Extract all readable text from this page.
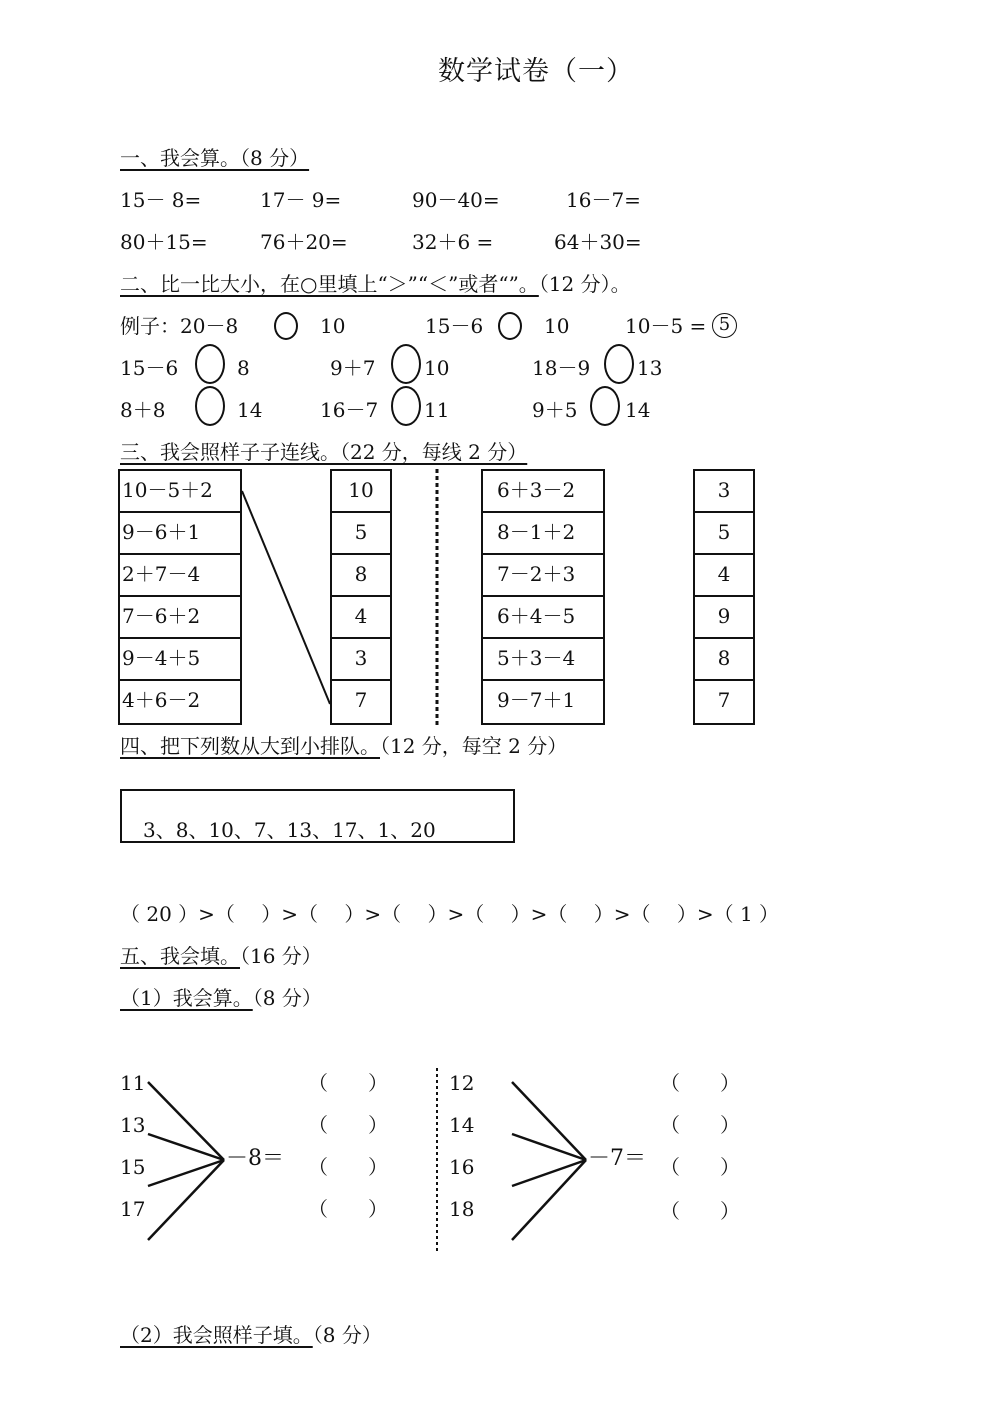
数学试卷（一）
一、我会算。（8 分）
15－ 8=	17－ 9=	90－40=	16－7=
80＋15=	76＋20=	32＋6 =	64＋30=
二、比一比大小，在○里填上“＞”“＜”或者“”。（12 分）。
例子：20－8	10	15－6	10	10－5 = 5
15－6	8	9＋7 10	18－9 13
8＋8	14	16－7 11	9＋5 14
三、我会照样子子连线。（22 分，每线 2 分）
10－5＋2
9－6＋1
2＋7－4
7－6＋2
9－4＋5
4＋6－2
10
5
8
4
3
7
6＋3－2
8－1＋2
7－2＋3
6＋4－5
5＋3－4
9－7＋1
3
5
4
9
8
7
四、把下列数从大到小排队。（12 分，每空 2 分）
3、8、10、7、13、17、1、20
（ 20 ）>（　 ）>（　 ）>（　 ）>（　 ）>（　 ）>（　 ）>（ 1 ）
五、我会填。（16 分）
（1）我会算。（8 分）
11
13
15
17
－8＝
（　　）
（　　）
（　　）
（　　）
12
14
16
18
－7＝
（　　）
（　　）
（　　）
（　　）
（2）我会照样子填。（8 分）
